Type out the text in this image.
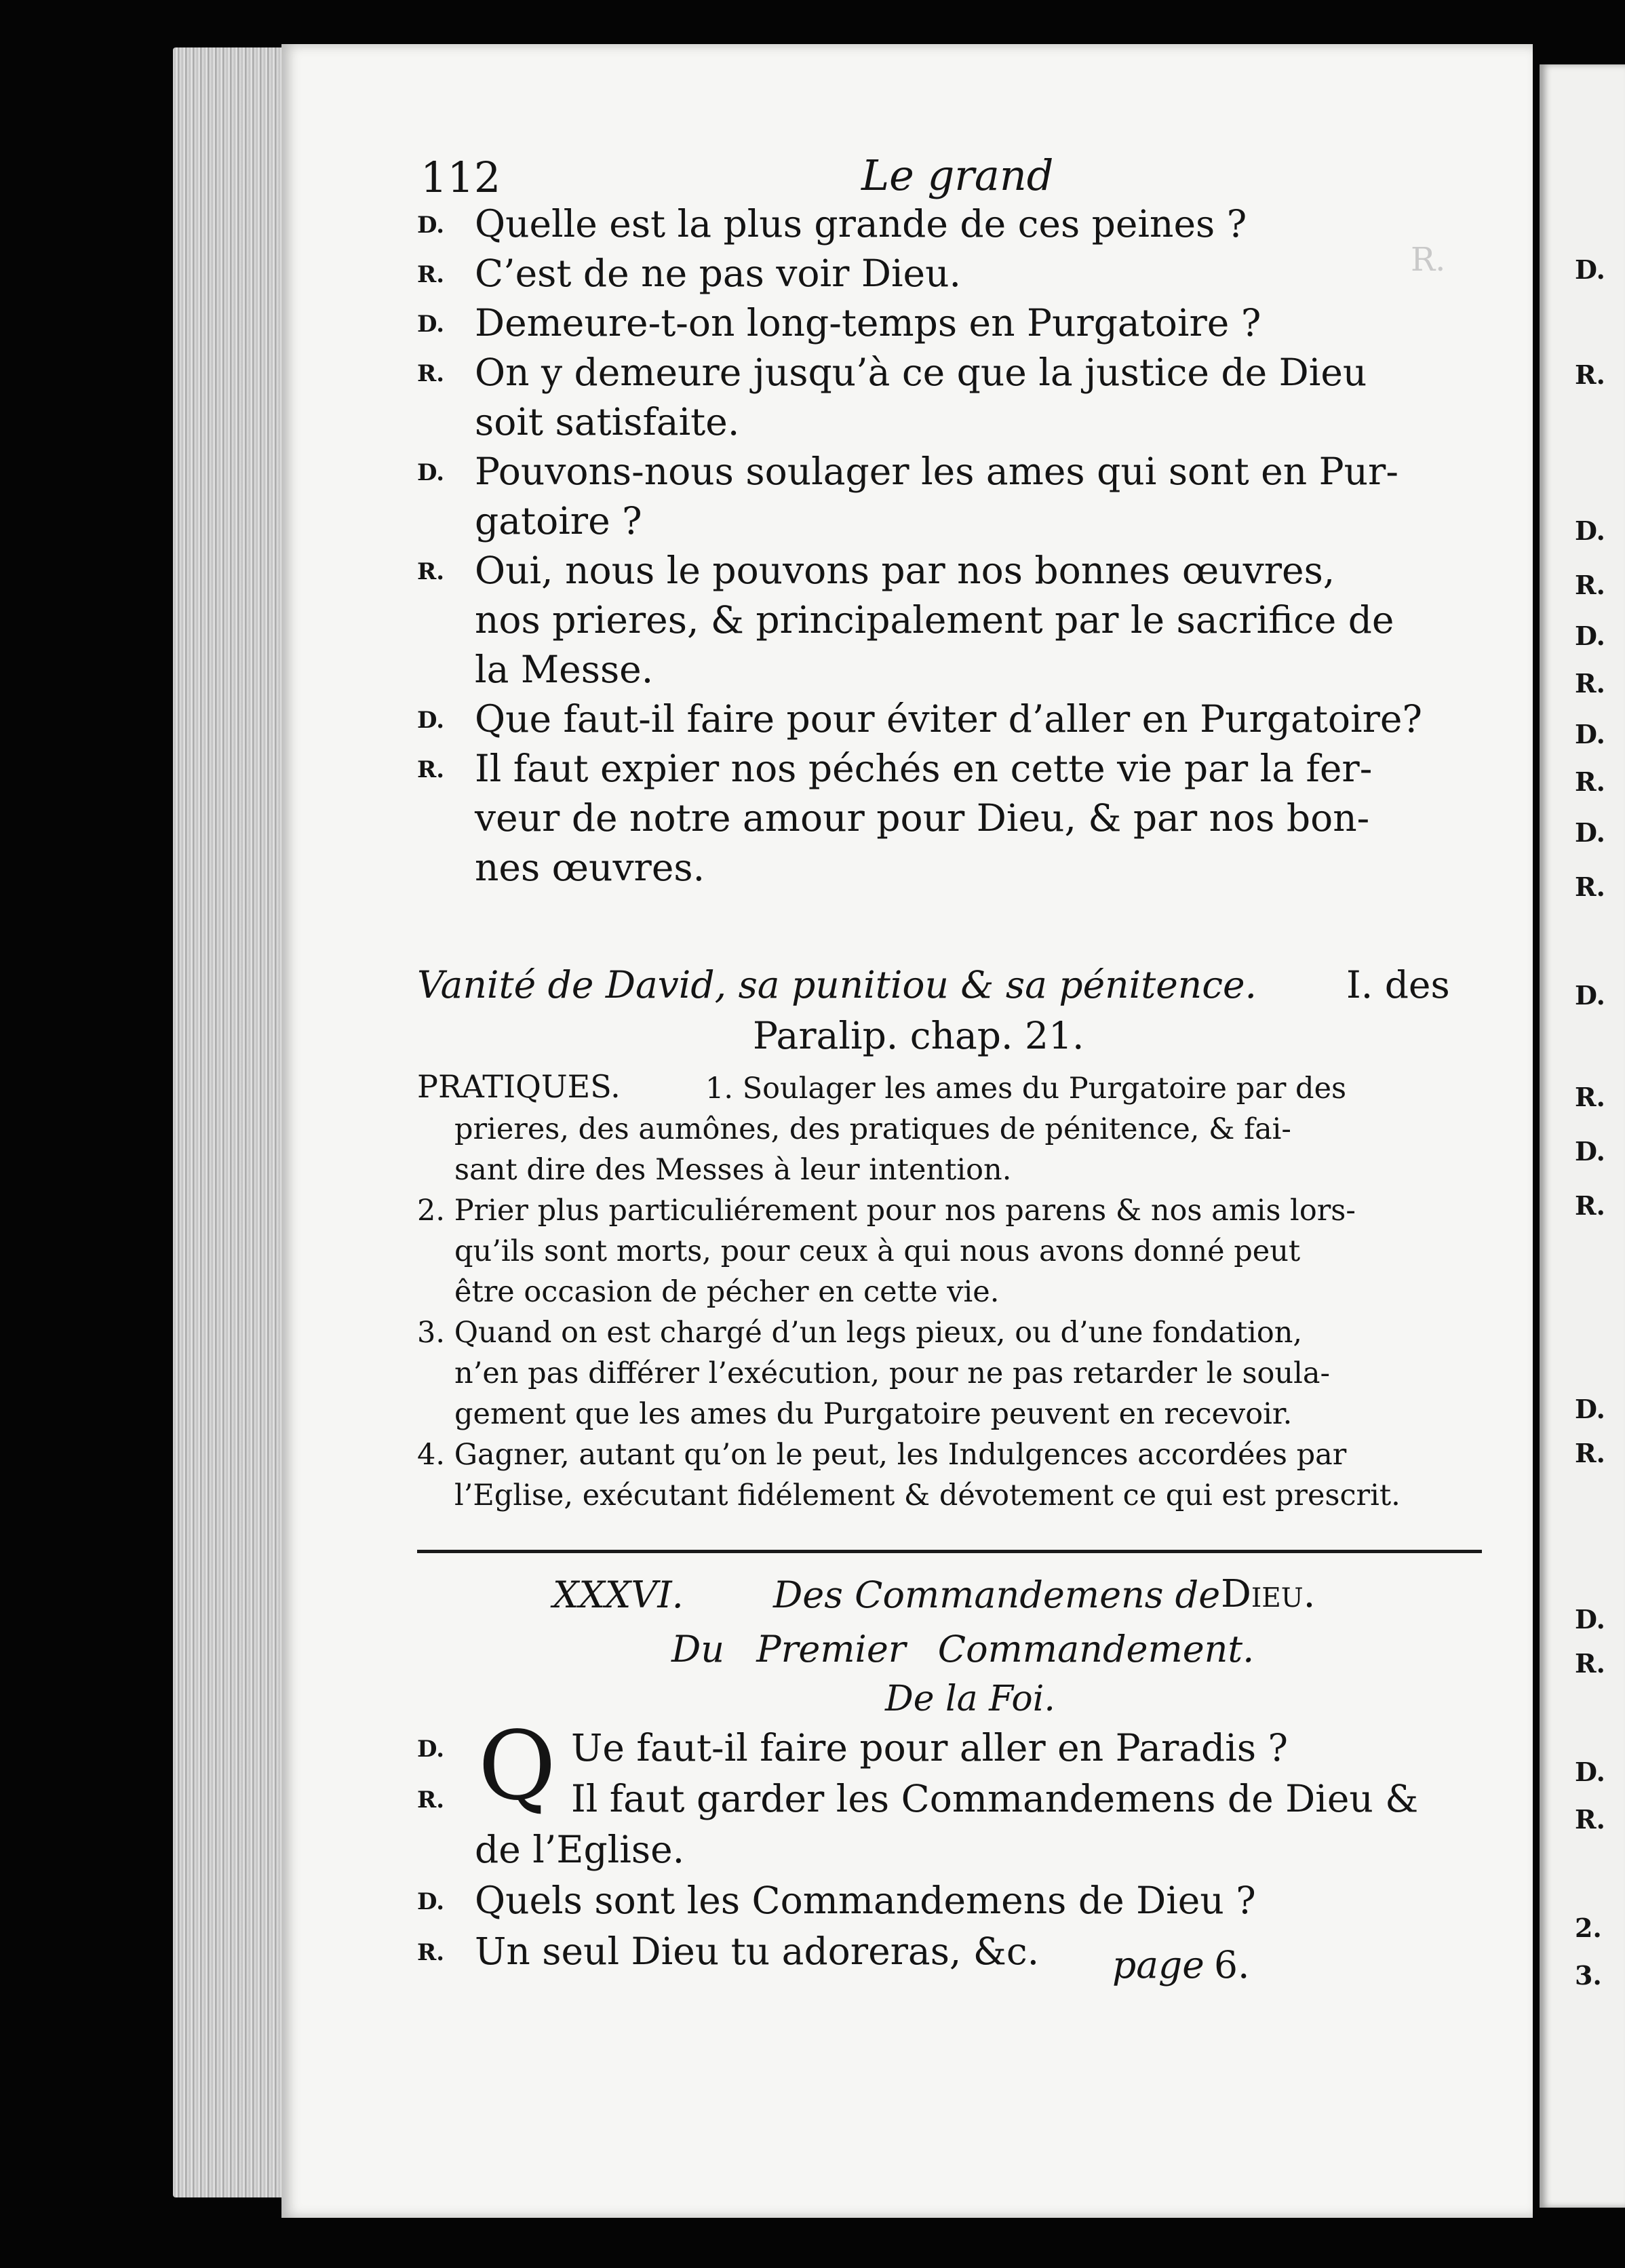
R.
112	Le grand
D. Quelle est la plus grande de ces peines ?
R. C’est de ne pas voir Dieu.
D. Demeure-t-on long-temps en Purgatoire ?
R. On y demeure jusqu’à ce que la justice de Dieu
soit satisfaite.
D. Pouvons-nous soulager les ames qui sont en Pur-
gatoire ?
R. Oui, nous le pouvons par nos bonnes œuvres,
nos prieres, & principalement par le sacrifice de
la Messe.
D. Que faut-il faire pour éviter d’aller en Purgatoire?
R. Il faut expier nos péchés en cette vie par la fer-
veur de notre amour pour Dieu, & par nos bon-
nes œuvres.
Vanité de David, sa punitiou & sa pénitence. I. des
Paralip. chap. 21.
PRATIQUES.	1. Soulager les ames du Purgatoire par des
prieres, des aumônes, des pratiques de pénitence, & fai-
sant dire des Messes à leur intention.
2. Prier plus particuliérement pour nos parens & nos amis lors-
qu’ils sont morts, pour ceux à qui nous avons donné peut
être occasion de pécher en cette vie.
3. Quand on est chargé d’un legs pieux, ou d’une fondation,
n’en pas différer l’exécution, pour ne pas retarder le soula-
gement que les ames du Purgatoire peuvent en recevoir.
4. Gagner, autant qu’on le peut, les Indulgences accordées par
l’Eglise, exécutant fidélement & dévotement ce qui est prescrit.
XXXVI. Des Commandemens de Dieu.
Du Premier Commandement.
De la Foi.
Q
D.	Ue faut-il faire pour aller en Paradis ?
R.	Il faut garder les Commandemens de Dieu &
de l’Eglise.
D. Quels sont les Commandemens de Dieu ?
R. Un seul Dieu tu adoreras, &c. page 6.
D.
R.
D.
R.
D.
R.
D.
R.
D.
R.
D.
R.
D.
R.
D.
R.
D.
R.
D.
R.
2.
3.
